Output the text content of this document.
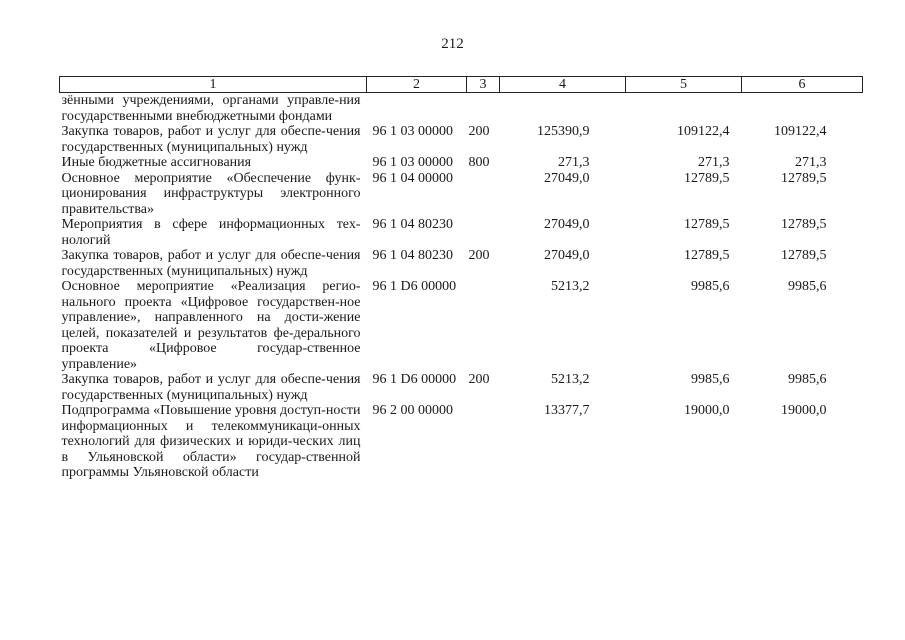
212
1	2	3	4	5	6
зёнными учреждениями, органами управле-ния государственными внебюджетными фондами					
Закупка товаров, работ и услуг для обеспе-чения государственных (муниципальных) нужд	96 1 03 00000	200	125390,9	109122,4	109122,4
Иные бюджетные ассигнования	96 1 03 00000	800	271,3	271,3	271,3
Основное мероприятие «Обеспечение функ-ционирования инфраструктуры электронного правительства»	96 1 04 00000		27049,0	12789,5	12789,5
Мероприятия в сфере информационных тех-нологий	96 1 04 80230		27049,0	12789,5	12789,5
Закупка товаров, работ и услуг для обеспе-чения государственных (муниципальных) нужд	96 1 04 80230	200	27049,0	12789,5	12789,5
Основное мероприятие «Реализация регио-нального проекта «Цифровое государствен-ное управление», направленного на дости-жение целей, показателей и результатов фе-дерального проекта «Цифровое государ-ственное управление»	96 1 D6 00000		5213,2	9985,6	9985,6
Закупка товаров, работ и услуг для обеспе-чения государственных (муниципальных) нужд	96 1 D6 00000	200	5213,2	9985,6	9985,6
Подпрограмма «Повышение уровня доступ-ности информационных и телекоммуникаци-онных технологий для физических и юриди-ческих лиц в Ульяновской области» государ-ственной программы Ульяновской области	96 2 00 00000		13377,7	19000,0	19000,0
